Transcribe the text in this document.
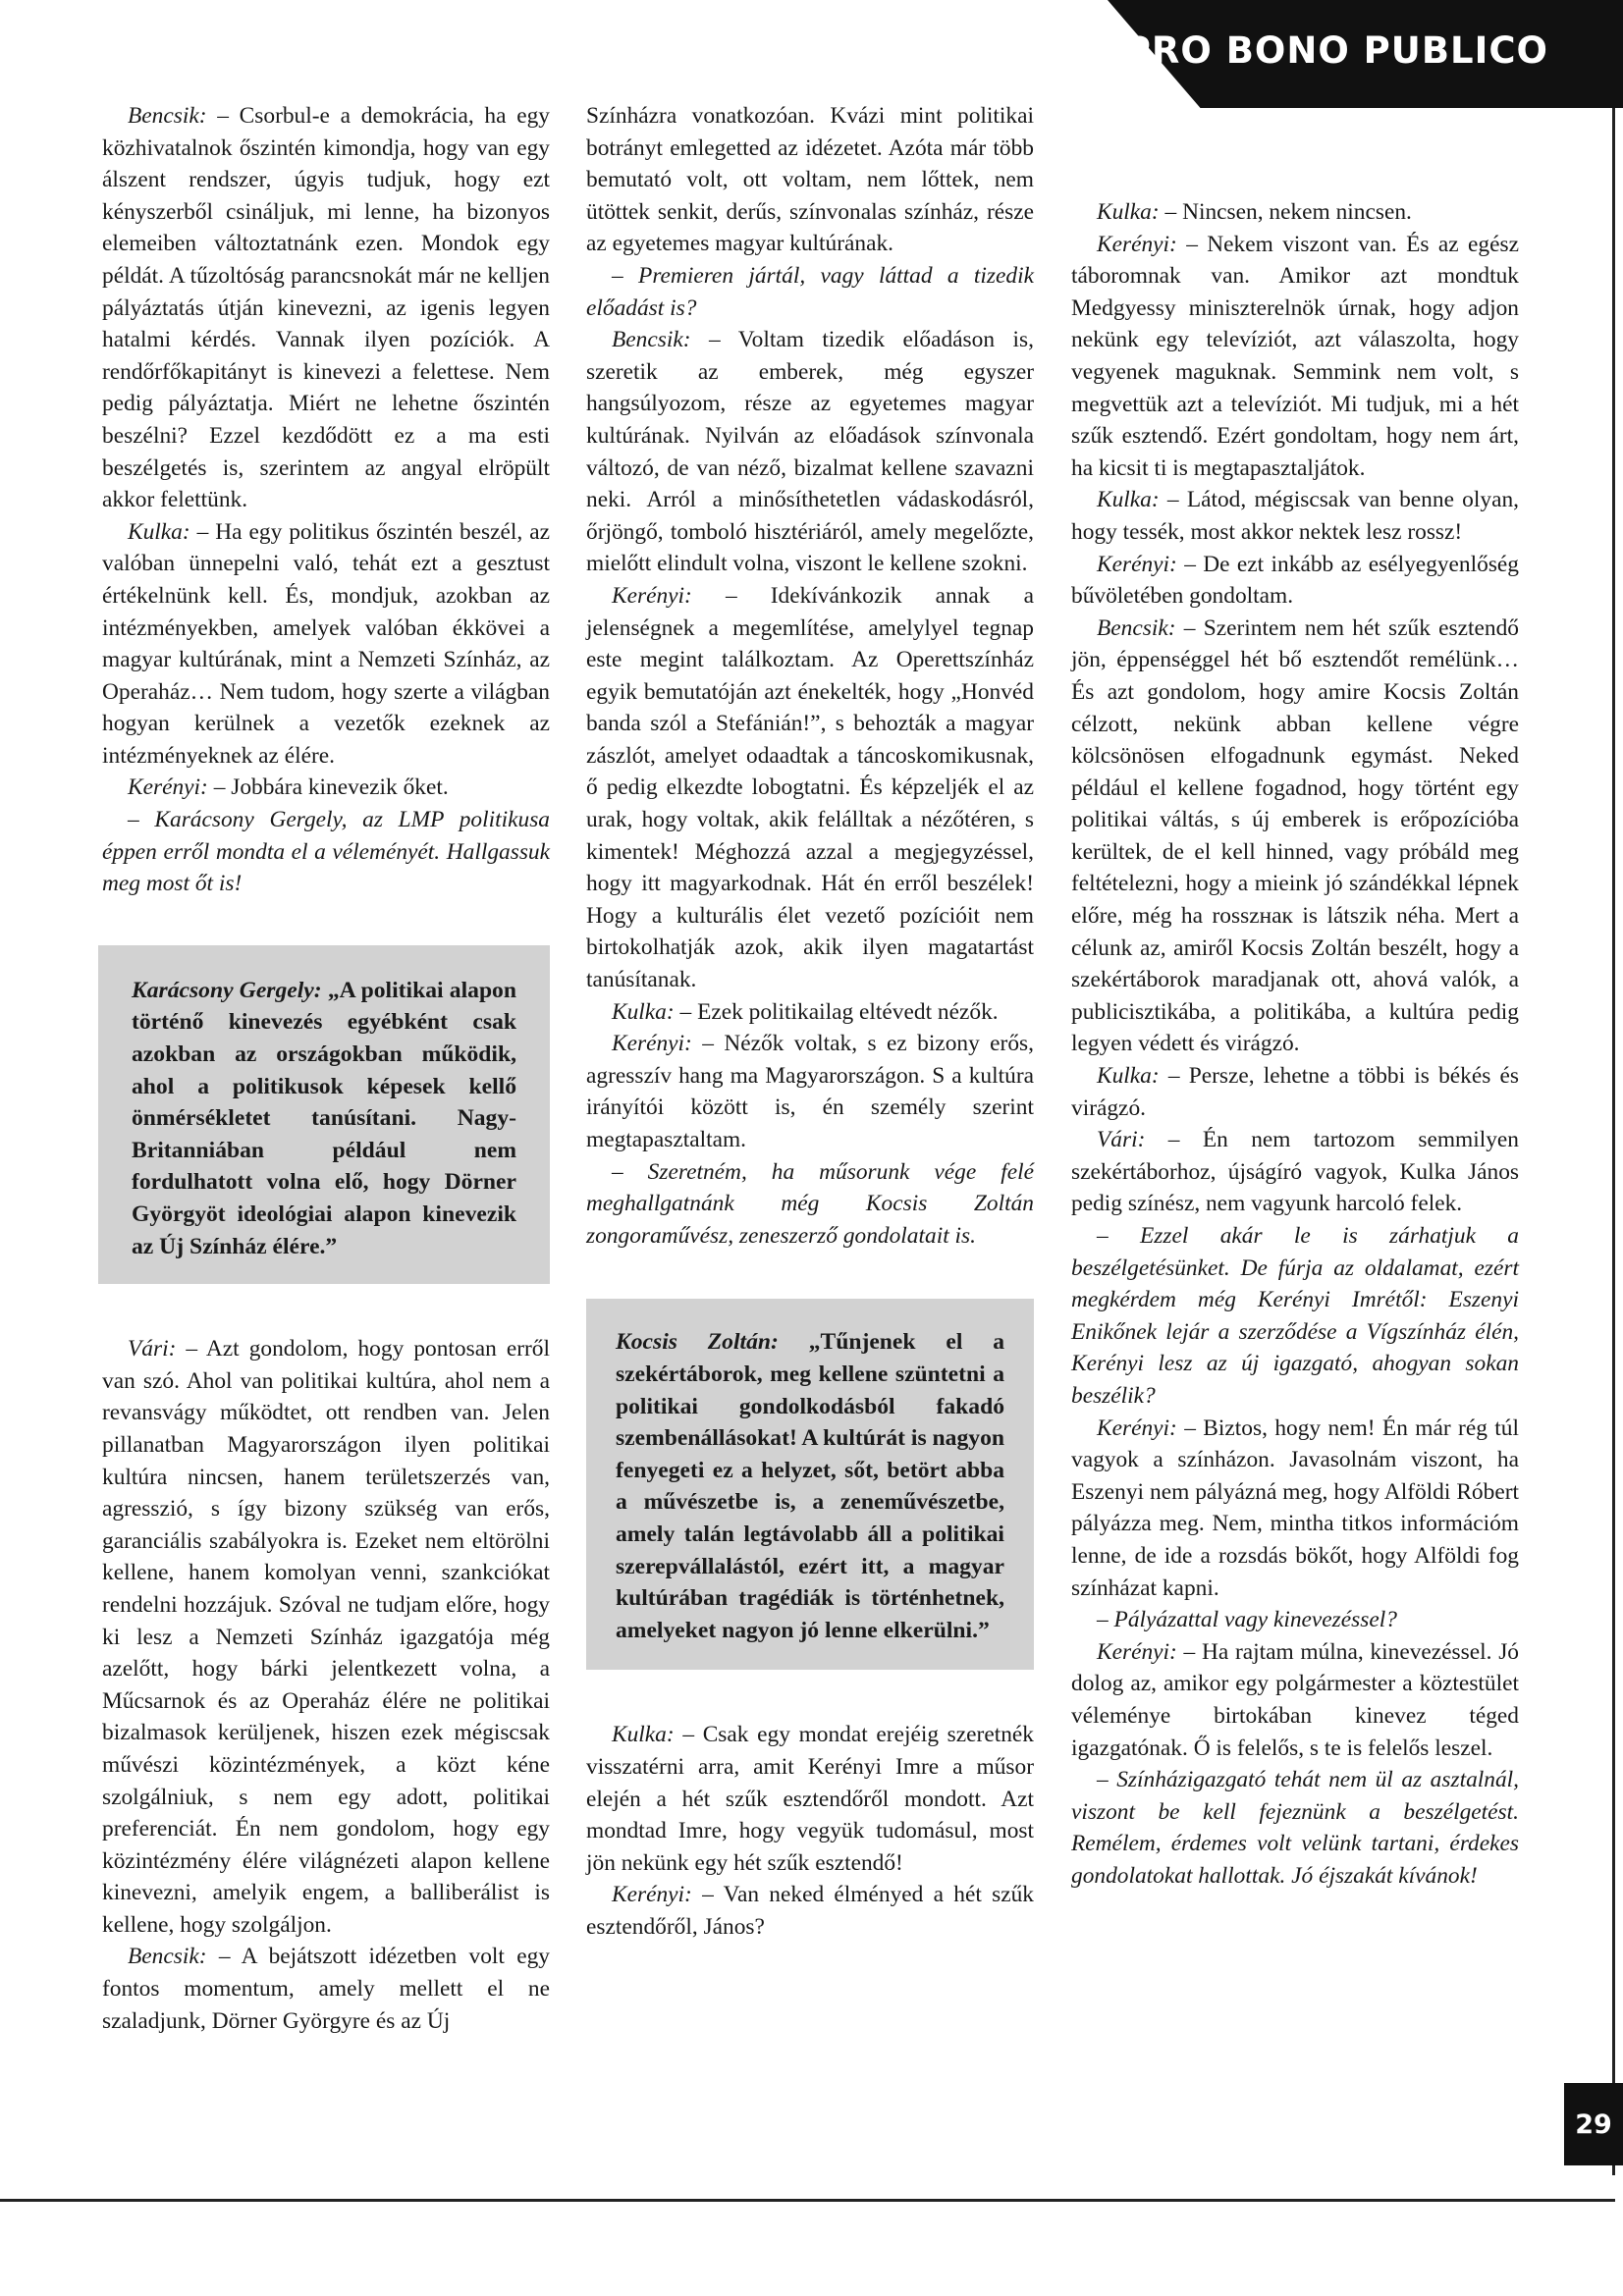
PRO BONO PUBLICO
29

Bencsik: – Csorbul-e a demokrácia, ha egy közhivatalnok őszintén kimondja, hogy van egy álszent rendszer, úgyis tudjuk, hogy ezt kényszerből csináljuk, mi lenne, ha bizonyos elemeiben változtatnánk ezen. Mondok egy példát. A tűzoltóság parancsnokát már ne kelljen pályáztatás útján kinevezni, az igenis legyen hatalmi kérdés. Vannak ilyen pozíciók. A rendőrfőkapitányt is kinevezi a felettese. Nem pedig pályáztatja. Miért ne lehetne őszintén beszélni? Ezzel kezdődött ez a ma esti beszélgetés is, szerintem az angyal elröpült akkor felettünk.

Kulka: – Ha egy politikus őszintén beszél, az valóban ünnepelni való, tehát ezt a gesztust értékelnünk kell. És, mondjuk, azokban az intézményekben, amelyek valóban ékkövei a magyar kultúrának, mint a Nemzeti Színház, az Operaház… Nem tudom, hogy szerte a világban hogyan kerülnek a vezetők ezeknek az intézményeknek az élére.

Kerényi: – Jobbára kinevezik őket.

– Karácsony Gergely, az LMP politikusa éppen erről mondta el a véleményét. Hallgassuk meg most őt is!

Karácsony Gergely: „A politikai alapon történő kinevezés egyébként csak azokban az országokban működik, ahol a politikusok képesek kellő önmérsékletet tanúsítani. Nagy-Britanniában például nem fordulhatott volna elő, hogy Dörner Györgyöt ideológiai alapon kinevezik az Új Színház élére.”

Vári: – Azt gondolom, hogy pontosan erről van szó. Ahol van politikai kultúra, ahol nem a revansvágy működtet, ott rendben van. Jelen pillanatban Magyarországon ilyen politikai kultúra nincsen, hanem területszerzés van, agresszió, s így bizony szükség van erős, garanciális szabályokra is. Ezeket nem eltörölni kellene, hanem komolyan venni, szankciókat rendelni hozzájuk. Szóval ne tudjam előre, hogy ki lesz a Nemzeti Színház igazgatója még azelőtt, hogy bárki jelentkezett volna, a Műcsarnok és az Operaház élére ne politikai bizalmasok kerüljenek, hiszen ezek mégiscsak művészi közintézmények, a közt kéne szolgálniuk, s nem egy adott, politikai preferenciát. Én nem gondolom, hogy egy közintézmény élére világnézeti alapon kellene kinevezni, amelyik engem, a balliberálist is kellene, hogy szolgáljon.

Bencsik: – A bejátszott idézetben volt egy fontos momentum, amely mellett el ne szaladjunk, Dörner Györgyre és az Új

Színházra vonatkozóan. Kvázi mint politikai botrányt emlegetted az idézetet. Azóta már több bemutató volt, ott voltam, nem lőttek, nem ütöttek senkit, derűs, színvonalas színház, része az egyetemes magyar kultúrának.

– Premieren jártál, vagy láttad a tizedik előadást is?

Bencsik: – Voltam tizedik előadáson is, szeretik az emberek, még egyszer hangsúlyozom, része az egyetemes magyar kultúrának. Nyilván az előadások színvonala változó, de van néző, bizalmat kellene szavazni neki. Arról a minősíthetetlen vádaskodásról, őrjöngő, tomboló hisztériáról, amely megelőzte, mielőtt elindult volna, viszont le kellene szokni.

Kerényi: – Idekívánkozik annak a jelenségnek a megemlítése, amelylyel tegnap este megint találkoztam. Az Operettszínház egyik bemutatóján azt énekelték, hogy „Honvéd banda szól a Stefánián!”, s behozták a magyar zászlót, amelyet odaadtak a táncoskomikusnak, ő pedig elkezdte lobogtatni. És képzeljék el az urak, hogy voltak, akik felálltak a nézőtéren, s kimentek! Méghozzá azzal a megjegyzéssel, hogy itt magyarkodnak. Hát én erről beszélek! Hogy a kulturális élet vezető pozícióit nem birtokolhatják azok, akik ilyen magatartást tanúsítanak.

Kulka: – Ezek politikailag eltévedt nézők.

Kerényi: – Nézők voltak, s ez bizony erős, agresszív hang ma Magyarországon. S a kultúra irányítói között is, én személy szerint megtapasztaltam.

– Szeretném, ha műsorunk vége felé meghallgatnánk még Kocsis Zoltán zongoraművész, zeneszerző gondolatait is.

Kocsis Zoltán: „Tűnjenek el a szekértáborok, meg kellene szüntetni a politikai gondolkodásból fakadó szembenállásokat! A kultúrát is nagyon fenyegeti ez a helyzet, sőt, betört abba a művészetbe is, a zeneművészetbe, amely talán legtávolabb áll a politikai szerepvállalástól, ezért itt, a magyar kultúrában tragédiák is történhetnek, amelyeket nagyon jó lenne elkerülni.”

Kulka: – Csak egy mondat erejéig szeretnék visszatérni arra, amit Kerényi Imre a műsor elején a hét szűk esztendőről mondott. Azt mondtad Imre, hogy vegyük tudomásul, most jön nekünk egy hét szűk esztendő!

Kerényi: – Van neked élményed a hét szűk esztendőről, János?

Kulka: – Nincsen, nekem nincsen.

Kerényi: – Nekem viszont van. És az egész táboromnak van. Amikor azt mondtuk Medgyessy miniszterelnök úrnak, hogy adjon nekünk egy televíziót, azt válaszolta, hogy vegyenek maguknak. Semmink nem volt, s megvettük azt a televíziót. Mi tudjuk, mi a hét szűk esztendő. Ezért gondoltam, hogy nem árt, ha kicsit ti is megtapasztaljátok.

Kulka: – Látod, mégiscsak van benne olyan, hogy tessék, most akkor nektek lesz rossz!

Kerényi: – De ezt inkább az esélyegyenlőség bűvöletében gondoltam.

Bencsik: – Szerintem nem hét szűk esztendő jön, éppenséggel hét bő esztendőt remélünk… És azt gondolom, hogy amire Kocsis Zoltán célzott, nekünk abban kellene végre kölcsönösen elfogadnunk egymást. Neked például el kellene fogadnod, hogy történt egy politikai váltás, s új emberek is erőpozícióba kerültek, de el kell hinned, vagy próbáld meg feltételezni, hogy a mieink jó szándékkal lépnek előre, még ha rosszнак is látszik néha. Mert a célunk az, amiről Kocsis Zoltán beszélt, hogy a szekértáborok maradjanak ott, ahová valók, a publicisztikába, a politikába, a kultúra pedig legyen védett és virágzó.

Kulka: – Persze, lehetne a többi is békés és virágzó.

Vári: – Én nem tartozom semmilyen szekértáborhoz, újságíró vagyok, Kulka János pedig színész, nem vagyunk harcoló felek.

– Ezzel akár le is zárhatjuk a beszélgetésünket. De fúrja az oldalamat, ezért megkérdem még Kerényi Imrétől: Eszenyi Enikőnek lejár a szerződése a Vígszínház élén, Kerényi lesz az új igazgató, ahogyan sokan beszélik?

Kerényi: – Biztos, hogy nem! Én már rég túl vagyok a színházon. Javasolnám viszont, ha Eszenyi nem pályázná meg, hogy Alföldi Róbert pályázza meg. Nem, mintha titkos információm lenne, de ide a rozsdás bökőt, hogy Alföldi fog színházat kapni.

– Pályázattal vagy kinevezéssel?

Kerényi: – Ha rajtam múlna, kinevezéssel. Jó dolog az, amikor egy polgármester a köztestület véleménye birtokában kinevez téged igazgatónak. Ő is felelős, s te is felelős leszel.

– Színházigazgató tehát nem ül az asztalnál, viszont be kell fejeznünk a beszélgetést. Remélem, érdemes volt velünk tartani, érdekes gondolatokat hallottak. Jó éjszakát kívánok!
